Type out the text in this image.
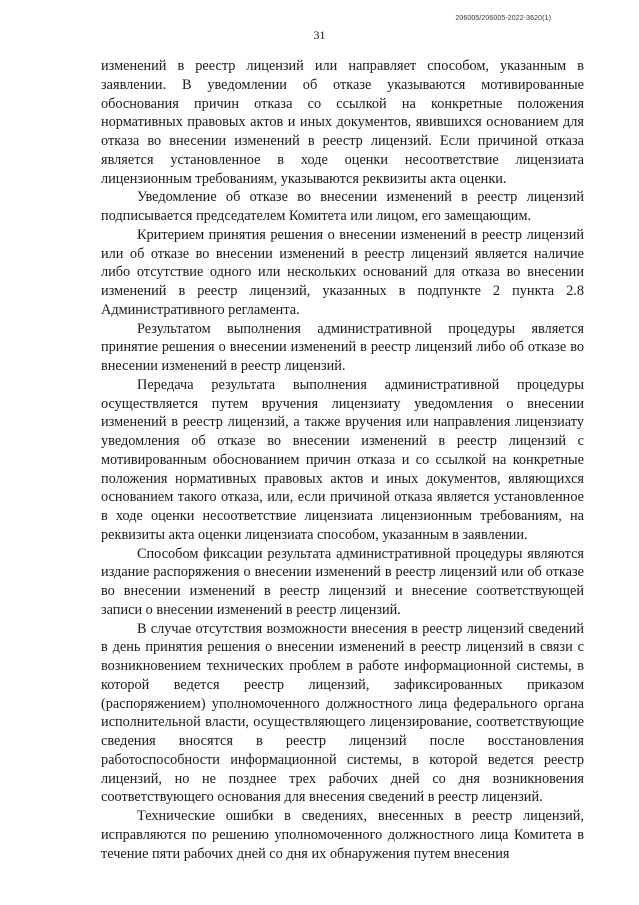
206005/206005-2022-3620(1)
31

изменений в реестр лицензий или направляет способом, указанным в заявлении. В уведомлении об отказе указываются мотивированные обоснования причин отказа со ссылкой на конкретные положения нормативных правовых актов и иных документов, явившихся основанием для отказа во внесении изменений в реестр лицензий. Если причиной отказа является установленное в ходе оценки несоответствие лицензиата лицензионным требованиям, указываются реквизиты акта оценки.

Уведомление об отказе во внесении изменений в реестр лицензий подписывается председателем Комитета или лицом, его замещающим.

Критерием принятия решения о внесении изменений в реестр лицензий или об отказе во внесении изменений в реестр лицензий является наличие либо отсутствие одного или нескольких оснований для отказа во внесении изменений в реестр лицензий, указанных в подпункте 2 пункта 2.8 Административного регламента.

Результатом выполнения административной процедуры является принятие решения о внесении изменений в реестр лицензий либо об отказе во внесении изменений в реестр лицензий.

Передача результата выполнения административной процедуры осуществляется путем вручения лицензиату уведомления о внесении изменений в реестр лицензий, а также вручения или направления лицензиату уведомления об отказе во внесении изменений в реестр лицензий с мотивированным обоснованием причин отказа и со ссылкой на конкретные положения нормативных правовых актов и иных документов, являющихся основанием такого отказа, или, если причиной отказа является установленное в ходе оценки несоответствие лицензиата лицензионным требованиям, на реквизиты акта оценки лицензиата способом, указанным в заявлении.

Способом фиксации результата административной процедуры являются издание распоряжения о внесении изменений в реестр лицензий или об отказе во внесении изменений в реестр лицензий и внесение соответствующей записи о внесении изменений в реестр лицензий.

В случае отсутствия возможности внесения в реестр лицензий сведений в день принятия решения о внесении изменений в реестр лицензий в связи с возникновением технических проблем в работе информационной системы, в которой ведется реестр лицензий, зафиксированных приказом (распоряжением) уполномоченного должностного лица федерального органа исполнительной власти, осуществляющего лицензирование, соответствующие сведения вносятся в реестр лицензий после восстановления работоспособности информационной системы, в которой ведется реестр лицензий, но не позднее трех рабочих дней со дня возникновения соответствующего основания для внесения сведений в реестр лицензий.

Технические ошибки в сведениях, внесенных в реестр лицензий, исправляются по решению уполномоченного должностного лица Комитета в течение пяти рабочих дней со дня их обнаружения путем внесения
